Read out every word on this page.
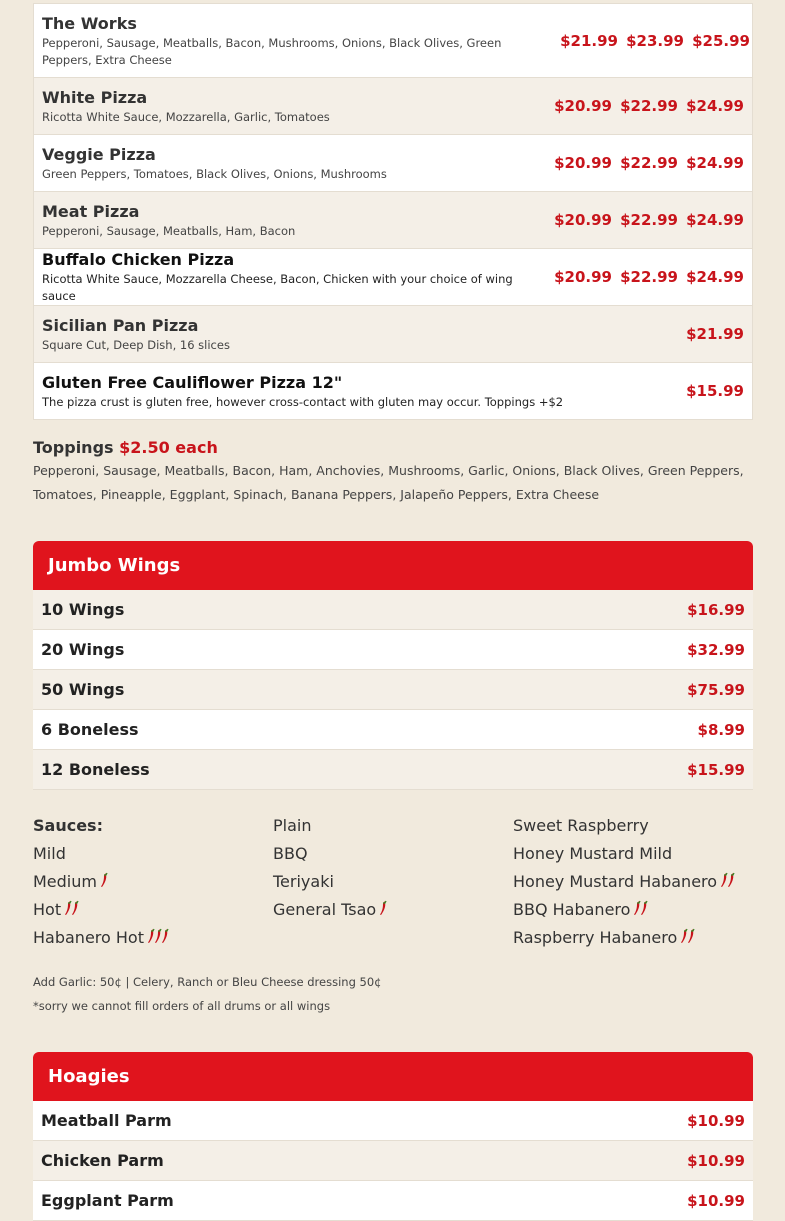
The Works
Pepperoni, Sausage, Meatballs, Bacon, Mushrooms, Onions, Black Olives, Green Peppers, Extra Cheese
$21.99 $23.99 $25.99
White Pizza
Ricotta White Sauce, Mozzarella, Garlic, Tomatoes
$20.99 $22.99 $24.99
Veggie Pizza
Green Peppers, Tomatoes, Black Olives, Onions, Mushrooms
$20.99 $22.99 $24.99
Meat Pizza
Pepperoni, Sausage, Meatballs, Ham, Bacon
$20.99 $22.99 $24.99
Buffalo Chicken Pizza
Ricotta White Sauce, Mozzarella Cheese, Bacon, Chicken with your choice of wing sauce
$20.99 $22.99 $24.99
Sicilian Pan Pizza
Square Cut, Deep Dish, 16 slices
$21.99
Gluten Free Cauliflower Pizza 12"
The pizza crust is gluten free, however cross-contact with gluten may occur. Toppings +$2
$15.99
Toppings $2.50 each
Pepperoni, Sausage, Meatballs, Bacon, Ham, Anchovies, Mushrooms, Garlic, Onions, Black Olives, Green Peppers, Tomatoes, Pineapple, Eggplant, Spinach, Banana Peppers, Jalapeño Peppers, Extra Cheese
Jumbo Wings
10 Wings	$16.99
20 Wings	$32.99
50 Wings	$75.99
6 Boneless	$8.99
12 Boneless	$15.99
Sauces:
Mild
Medium
Hot
Habanero Hot
Plain
BBQ
Teriyaki
General Tsao
Sweet Raspberry
Honey Mustard Mild
Honey Mustard Habanero
BBQ Habanero
Raspberry Habanero
Add Garlic: 50¢ | Celery, Ranch or Bleu Cheese dressing 50¢
*sorry we cannot fill orders of all drums or all wings
Hoagies
Meatball Parm	$10.99
Chicken Parm	$10.99
Eggplant Parm	$10.99
